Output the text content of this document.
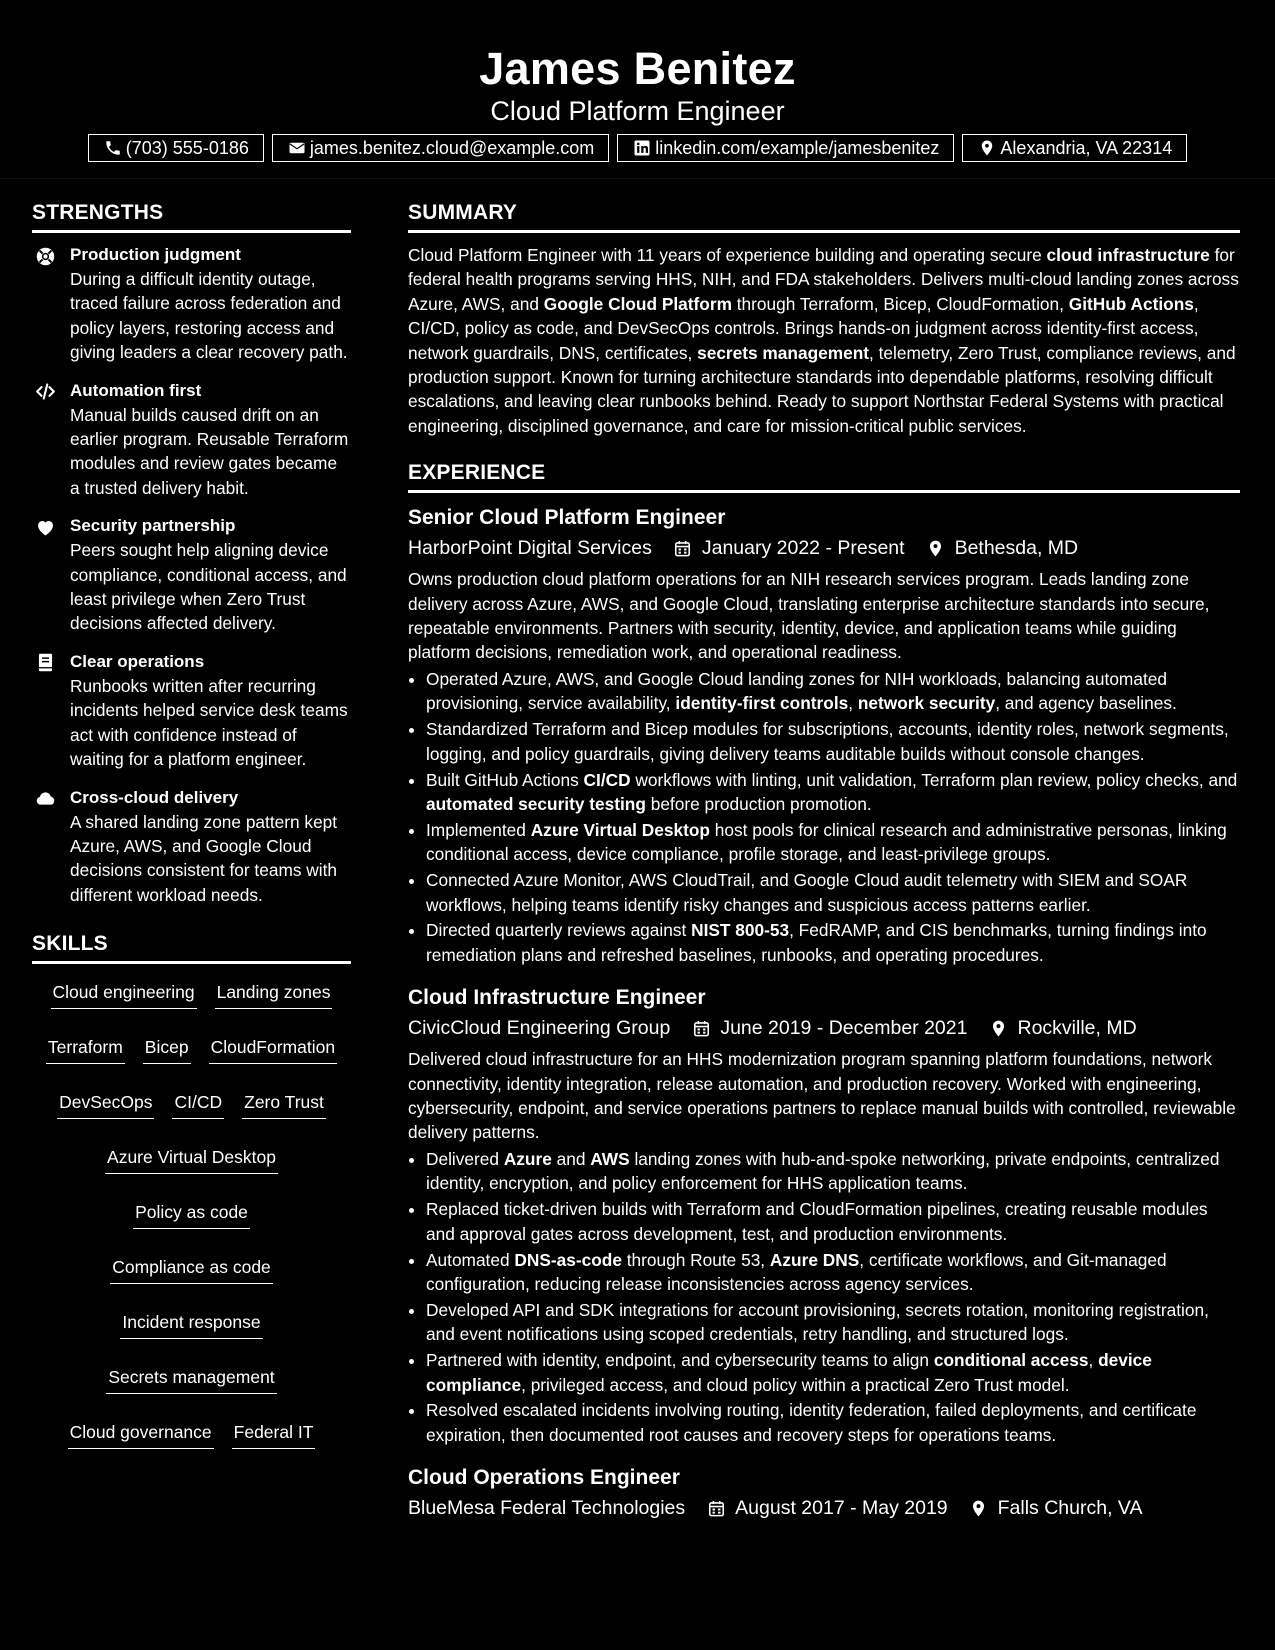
James Benitez
Cloud Platform Engineer
(703) 555-0186	james.benitez.cloud@example.com	linkedin.com/example/jamesbenitez	Alexandria, VA 22314
STRENGTHS
Production judgment
During a difficult identity outage, traced failure across federation and policy layers, restoring access and giving leaders a clear recovery path.
Automation first
Manual builds caused drift on an earlier program. Reusable Terraform modules and review gates became a trusted delivery habit.
Security partnership
Peers sought help aligning device compliance, conditional access, and least privilege when Zero Trust decisions affected delivery.
Clear operations
Runbooks written after recurring incidents helped service desk teams act with confidence instead of waiting for a platform engineer.
Cross-cloud delivery
A shared landing zone pattern kept Azure, AWS, and Google Cloud decisions consistent for teams with different workload needs.
SKILLS
Cloud engineering Landing zones
Terraform Bicep CloudFormation
DevSecOps CI/CD Zero Trust
Azure Virtual Desktop
Policy as code
Compliance as code
Incident response
Secrets management
Cloud governance Federal IT
SUMMARY
Cloud Platform Engineer with 11 years of experience building and operating secure cloud infrastructure for federal health programs serving HHS, NIH, and FDA stakeholders. Delivers multi-cloud landing zones across Azure, AWS, and Google Cloud Platform through Terraform, Bicep, CloudFormation, GitHub Actions, CI/CD, policy as code, and DevSecOps controls. Brings hands-on judgment across identity-first access, network guardrails, DNS, certificates, secrets management, telemetry, Zero Trust, compliance reviews, and production support. Known for turning architecture standards into dependable platforms, resolving difficult escalations, and leaving clear runbooks behind. Ready to support Northstar Federal Systems with practical engineering, disciplined governance, and care for mission-critical public services.
EXPERIENCE
Senior Cloud Platform Engineer
HarborPoint Digital Services	January 2022 - Present	Bethesda, MD
Owns production cloud platform operations for an NIH research services program. Leads landing zone delivery across Azure, AWS, and Google Cloud, translating enterprise architecture standards into secure, repeatable environments. Partners with security, identity, device, and application teams while guiding platform decisions, remediation work, and operational readiness.
• Operated Azure, AWS, and Google Cloud landing zones for NIH workloads, balancing automated provisioning, service availability, identity-first controls, network security, and agency baselines.
• Standardized Terraform and Bicep modules for subscriptions, accounts, identity roles, network segments, logging, and policy guardrails, giving delivery teams auditable builds without console changes.
• Built GitHub Actions CI/CD workflows with linting, unit validation, Terraform plan review, policy checks, and automated security testing before production promotion.
• Implemented Azure Virtual Desktop host pools for clinical research and administrative personas, linking conditional access, device compliance, profile storage, and least-privilege groups.
• Connected Azure Monitor, AWS CloudTrail, and Google Cloud audit telemetry with SIEM and SOAR workflows, helping teams identify risky changes and suspicious access patterns earlier.
• Directed quarterly reviews against NIST 800-53, FedRAMP, and CIS benchmarks, turning findings into remediation plans and refreshed baselines, runbooks, and operating procedures.
Cloud Infrastructure Engineer
CivicCloud Engineering Group	June 2019 - December 2021	Rockville, MD
Delivered cloud infrastructure for an HHS modernization program spanning platform foundations, network connectivity, identity integration, release automation, and production recovery. Worked with engineering, cybersecurity, endpoint, and service operations partners to replace manual builds with controlled, reviewable delivery patterns.
• Delivered Azure and AWS landing zones with hub-and-spoke networking, private endpoints, centralized identity, encryption, and policy enforcement for HHS application teams.
• Replaced ticket-driven builds with Terraform and CloudFormation pipelines, creating reusable modules and approval gates across development, test, and production environments.
• Automated DNS-as-code through Route 53, Azure DNS, certificate workflows, and Git-managed configuration, reducing release inconsistencies across agency services.
• Developed API and SDK integrations for account provisioning, secrets rotation, monitoring registration, and event notifications using scoped credentials, retry handling, and structured logs.
• Partnered with identity, endpoint, and cybersecurity teams to align conditional access, device compliance, privileged access, and cloud policy within a practical Zero Trust model.
• Resolved escalated incidents involving routing, identity federation, failed deployments, and certificate expiration, then documented root causes and recovery steps for operations teams.
Cloud Operations Engineer
BlueMesa Federal Technologies	August 2017 - May 2019	Falls Church, VA
